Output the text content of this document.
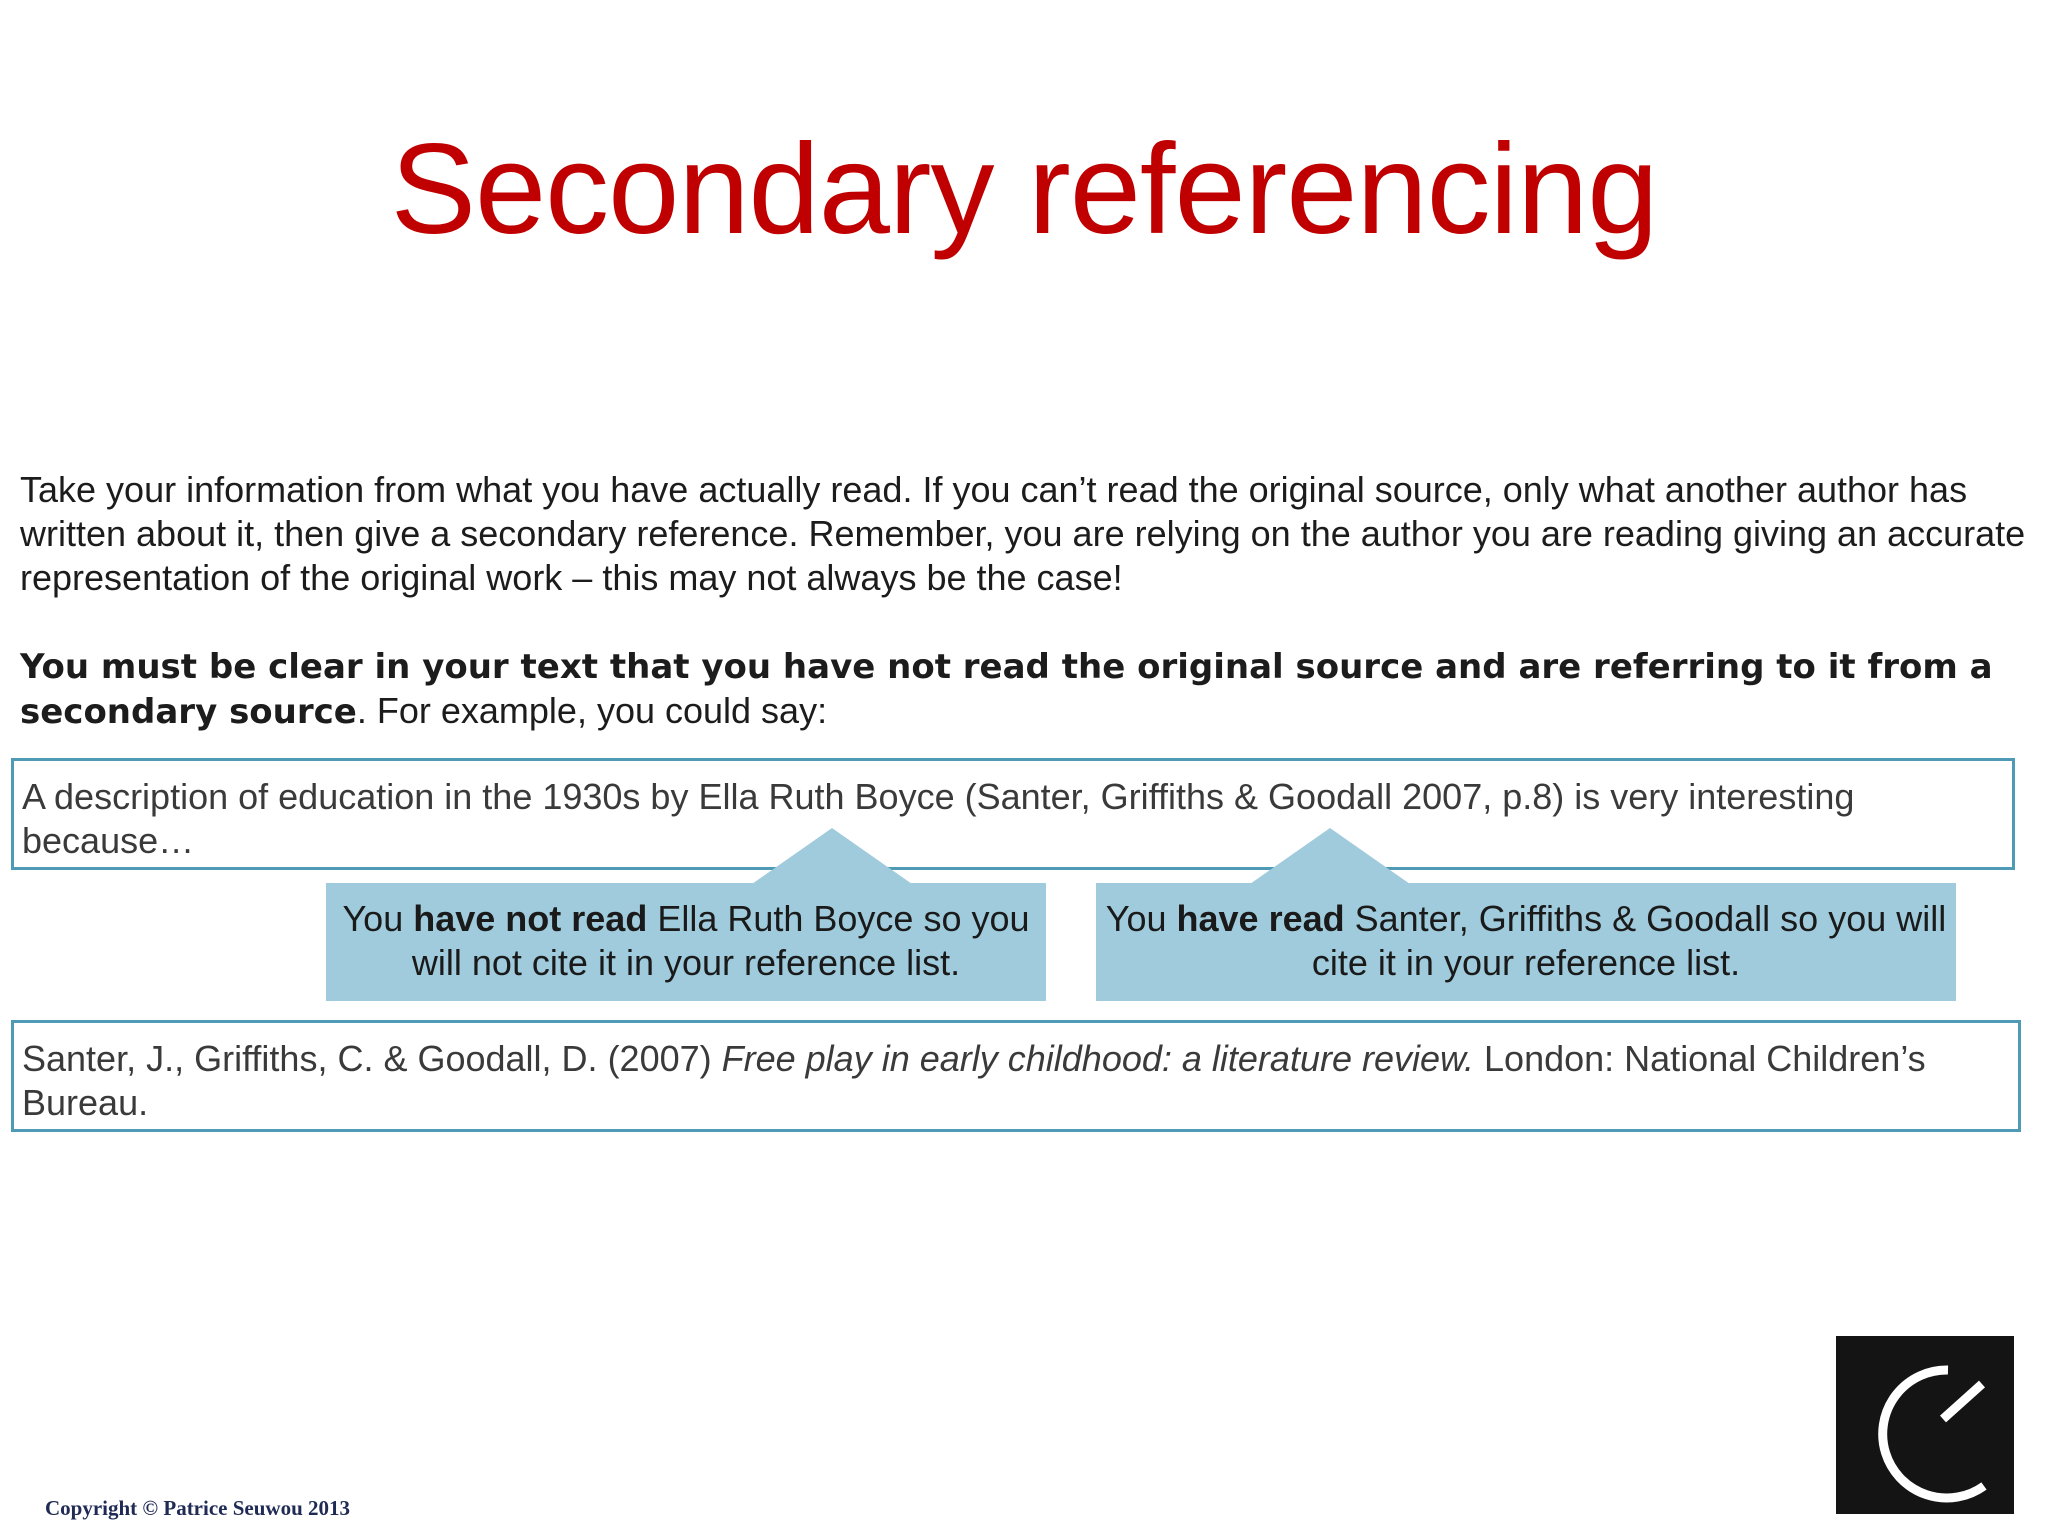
Secondary referencing

Take your information from what you have actually read. If you can’t read the original source, only what another author has written about it, then give a secondary reference. Remember, you are relying on the author you are reading giving an accurate representation of the original work – this may not always be the case!

You must be clear in your text that you have not read the original source and are referring to it from a secondary source. For example, you could say:

A description of education in the 1930s by Ella Ruth Boyce (Santer, Griffiths & Goodall 2007, p.8) is very interesting because…
You have not read Ella Ruth Boyce so you will not cite it in your reference list.
You have read Santer, Griffiths & Goodall so you will cite it in your reference list.
Santer, J., Griffiths, C. & Goodall, D. (2007) Free play in early childhood: a literature review. London: National Children’s Bureau.
Copyright © Patrice Seuwou 2013
